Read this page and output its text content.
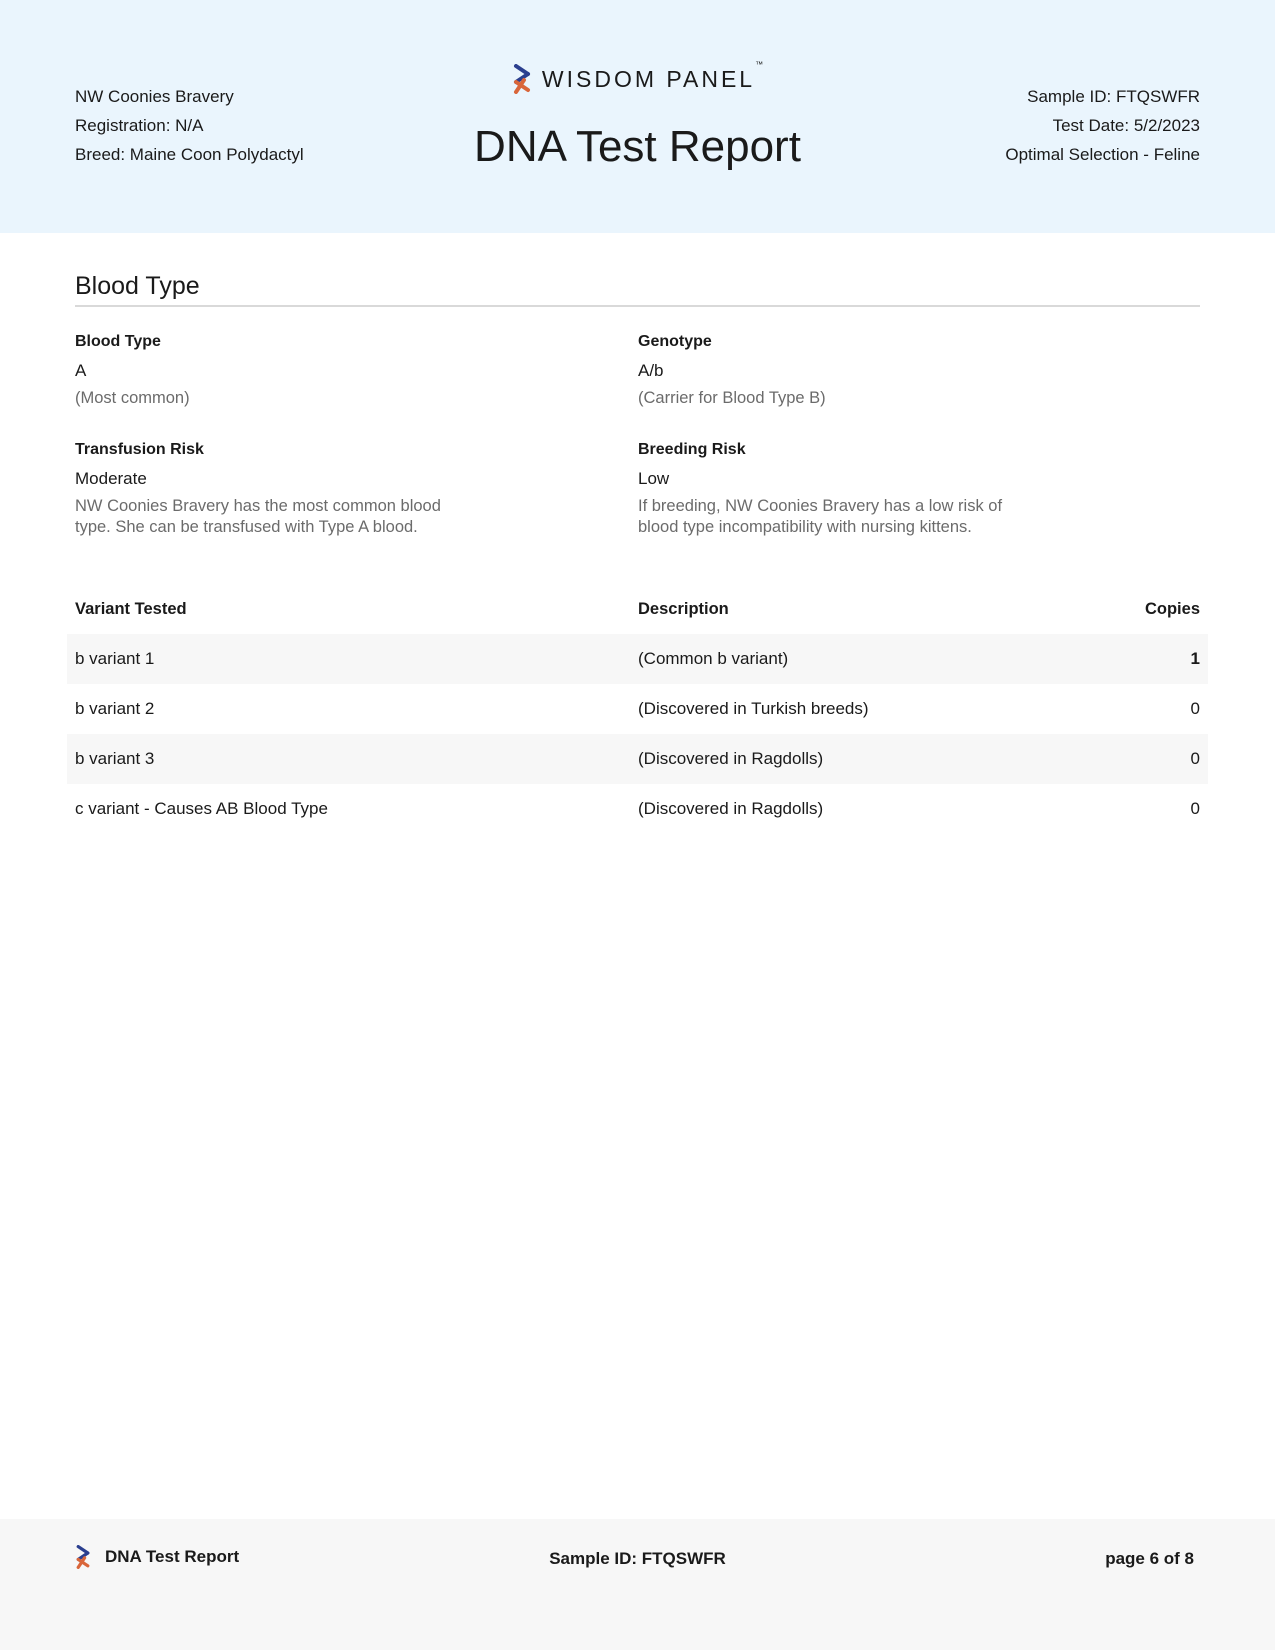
NW Coonies Bravery
Registration: N/A
Breed: Maine Coon Polydactyl
WISDOM PANEL™
DNA Test Report
Sample ID: FTQSWFR
Test Date: 5/2/2023
Optimal Selection - Feline
Blood Type
Blood Type
A
(Most common)
Genotype
A/b
(Carrier for Blood Type B)
Transfusion Risk
Moderate
NW Coonies Bravery has the most common blood type. She can be transfused with Type A blood.
Breeding Risk
Low
If breeding, NW Coonies Bravery has a low risk of blood type incompatibility with nursing kittens.
Variant Tested	Description	Copies
b variant 1	(Common b variant)	1
b variant 2	(Discovered in Turkish breeds)	0
b variant 3	(Discovered in Ragdolls)	0
c variant - Causes AB Blood Type	(Discovered in Ragdolls)	0
DNA Test Report	Sample ID: FTQSWFR	page 6 of 8
